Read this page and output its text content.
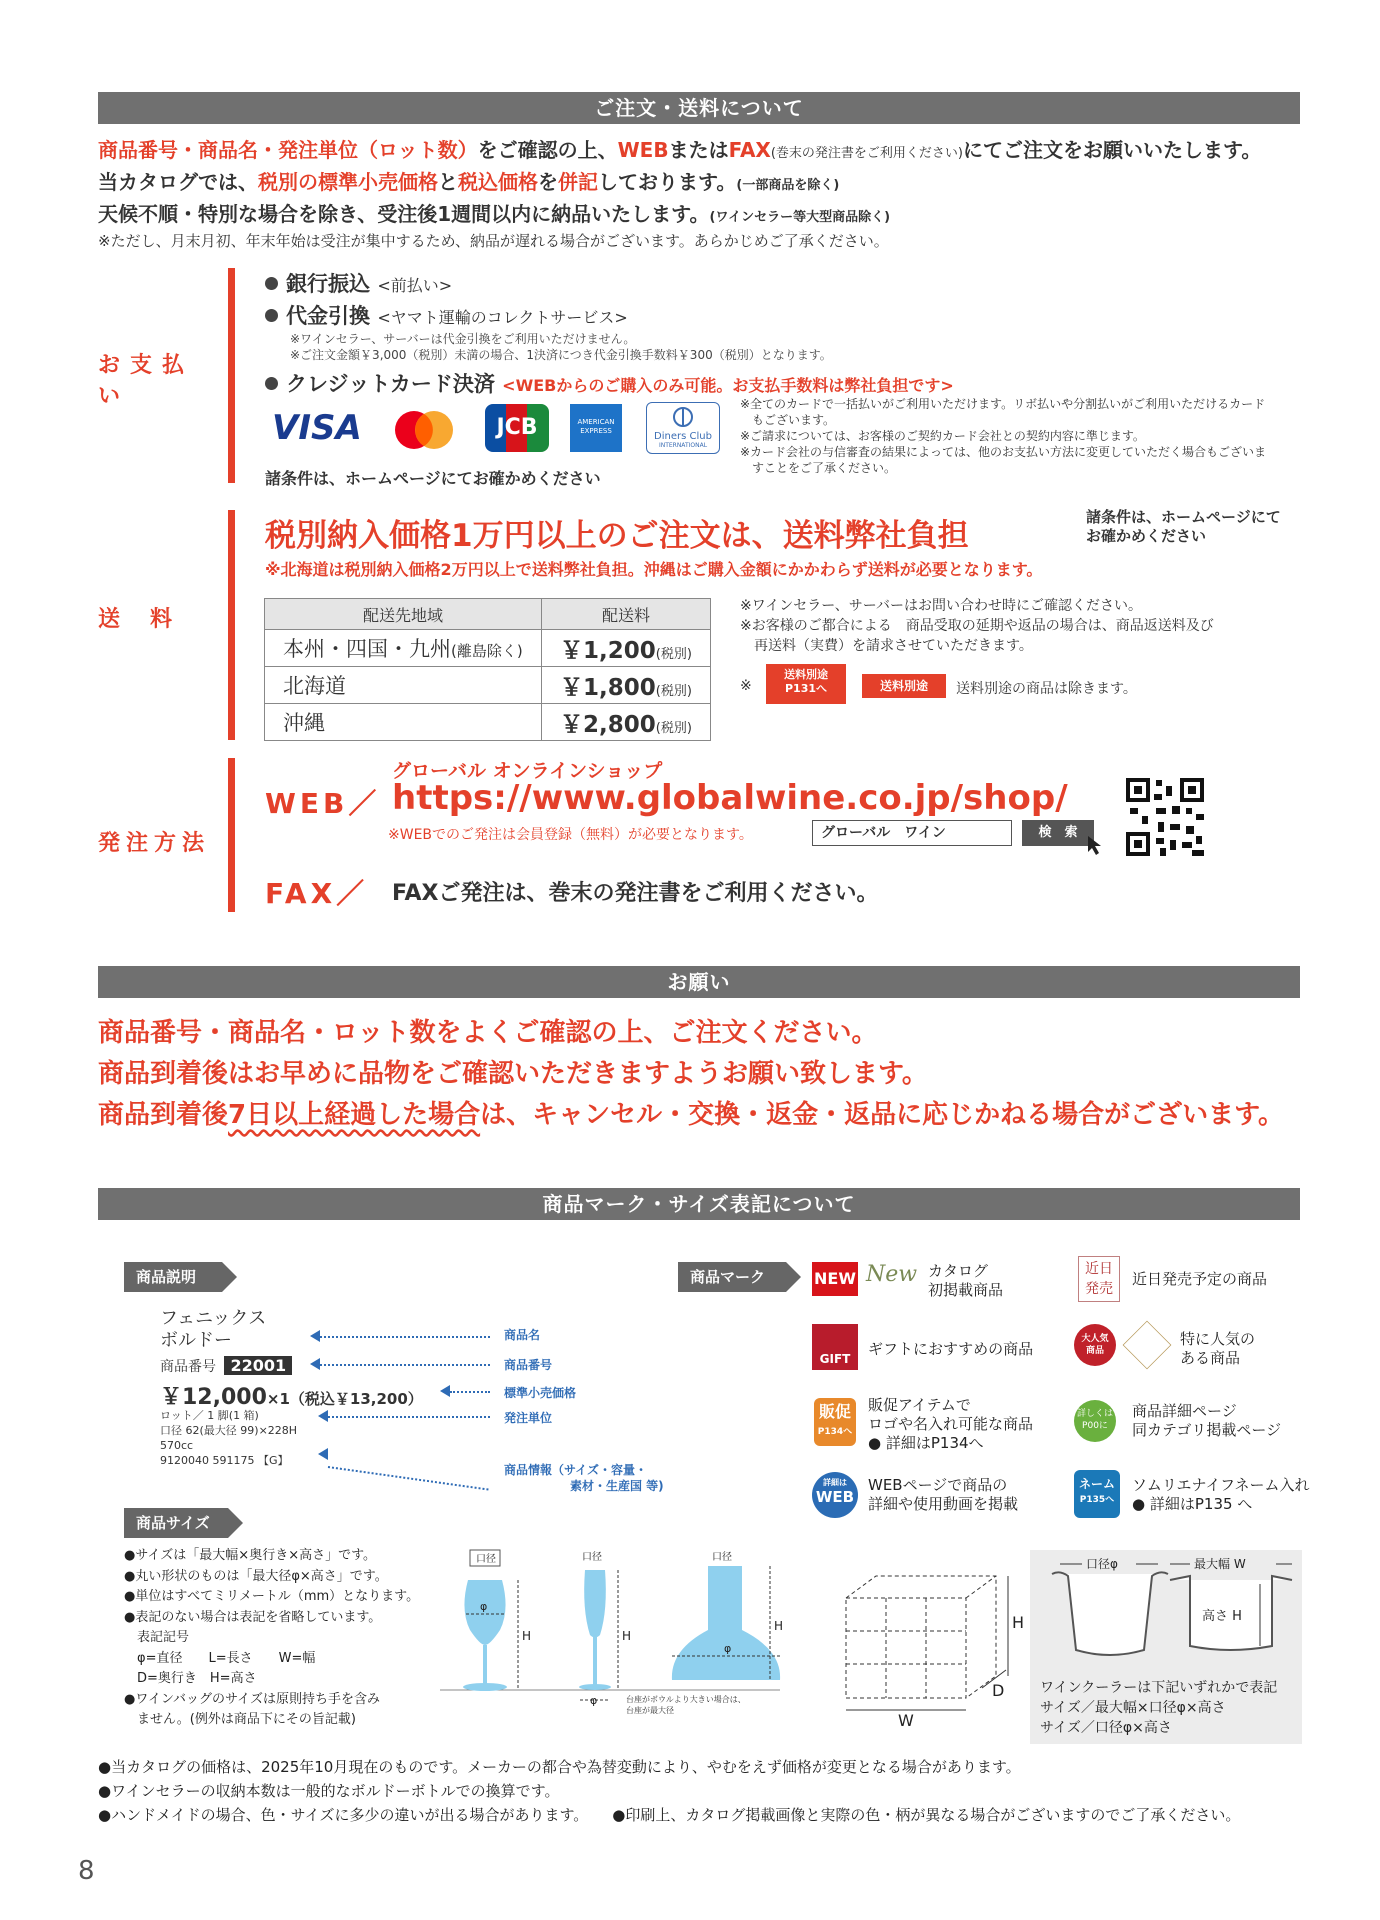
ご注文・送料について
商品番号・商品名・発注単位（ロット数）をご確認の上、WEBまたはFAX(巻末の発注書をご利用ください)にてご注文をお願いいたします。
当カタログでは、税別の標準小売価格と税込価格を併記しております。(一部商品を除く)
天候不順・特別な場合を除き、受注後1週間以内に納品いたします。(ワインセラー等大型商品除く)
※ただし、月末月初、年末年始は受注が集中するため、納品が遅れる場合がございます。あらかじめご了承ください。
お支払い
銀行振込 <前払い>
代金引換 <ヤマト運輸のコレクトサービス>
※ワインセラー、サーバーは代金引換をご利用いただけません。
※ご注文金額￥3,000（税別）未満の場合、1決済につき代金引換手数料￥300（税別）となります。
クレジットカード決済 <WEBからのご購入のみ可能。お支払手数料は弊社負担です>
VISA	JCB	AMERICAN
EXPRESS	Diners Club
INTERNATIONAL
諸条件は、ホームページにてお確かめください
※全てのカードで一括払いがご利用いただけます。リボ払いや分割払いがご利用いただけるカード
　もございます。
※ご請求については、お客様のご契約カード会社との契約内容に準じます。
※カード会社の与信審査の結果によっては、他のお支払い方法に変更していただく場合もございま
　すことをご了承ください。
送　料
税別納入価格1万円以上のご注文は、送料弊社負担
諸条件は、ホームページにて
お確かめください
※北海道は税別納入価格2万円以上で送料弊社負担。沖縄はご購入金額にかかわらず送料が必要となります。
配送先地域	配送料
本州・四国・九州(離島除く)	￥1,200(税別)
北海道	￥1,800(税別)
沖縄	￥2,800(税別)
※ワインセラー、サーバーはお問い合わせ時にご確認ください。
※お客様のご都合による　商品受取の延期や返品の場合は、商品返送料及び
　再送料（実費）を請求させていただきます。
※
送料別途
P131へ	送料別途	送料別途の商品は除きます。
発注方法
WEB／
グローバル オンラインショップ
https://www.globalwine.co.jp/shop/
※WEBでのご発注は会員登録（無料）が必要となります。	グローバル　ワイン	検　索
FAX／ FAXご発注は、巻末の発注書をご利用ください。
お願い
商品番号・商品名・ロット数をよくご確認の上、ご注文ください。
商品到着後はお早めに品物をご確認いただきますようお願い致します。
商品到着後7日以上経過した場合は、キャンセル・交換・返金・返品に応じかねる場合がございます。
商品マーク・サイズ表記について
商品説明
フェニックス
ボルドー
商品番号 22001
￥12,000×1（税込￥13,200）
ロット／ 1 脚(1 箱)
口径 62(最大径 99)×228H
570cc
9120040 591175 【G】
商品名
商品番号
標準小売価格
発注単位
商品情報（サイズ・容量・
素材・生産国 等)
商品マーク	NEW New カタログ
初掲載商品
近日
発売
近日発売予定の商品
GIFT
ギフトにおすすめの商品
大人気
商品
特に人気の
ある商品
販促
P134へ
販促アイテムで
ロゴや名入れ可能な商品
● 詳細はP134へ
詳しくは
P00に
商品詳細ページ
同カテゴリ掲載ページ
詳細は
WEB
WEBページで商品の
詳細や使用動画を掲載
ネーム
P135へ
ソムリエナイフネーム入れ
● 詳細はP135 へ
商品サイズ
●サイズは「最大幅×奥行き×高さ」です。
●丸い形状のものは「最大径φ×高さ」です。
●単位はすべてミリメートル（mm）となります。
●表記のない場合は表記を省略しています。
　表記記号
　φ=直径　　L=長さ　　W=幅
　D=奥行き　H=高さ
●ワインバッグのサイズは原則持ち手を含み
　ません。(例外は商品下にその旨記載)
口径
φ
H
口径
H
φ
口径
φ
H
台座がボウルより大きい場合は、
台座が最大径
H
D
W
口径φ	最大幅 W
高さ H
ワインクーラーは下記いずれかで表記
サイズ／最大幅×口径φ×高さ
サイズ／口径φ×高さ
●当カタログの価格は、2025年10月現在のものです。メーカーの都合や為替変動により、やむをえず価格が変更となる場合があります。
●ワインセラーの収納本数は一般的なボルドーボトルでの換算です。
●ハンドメイドの場合、色・サイズに多少の違いが出る場合があります。 ●印刷上、カタログ掲載画像と実際の色・柄が異なる場合がございますのでご了承ください。
8
